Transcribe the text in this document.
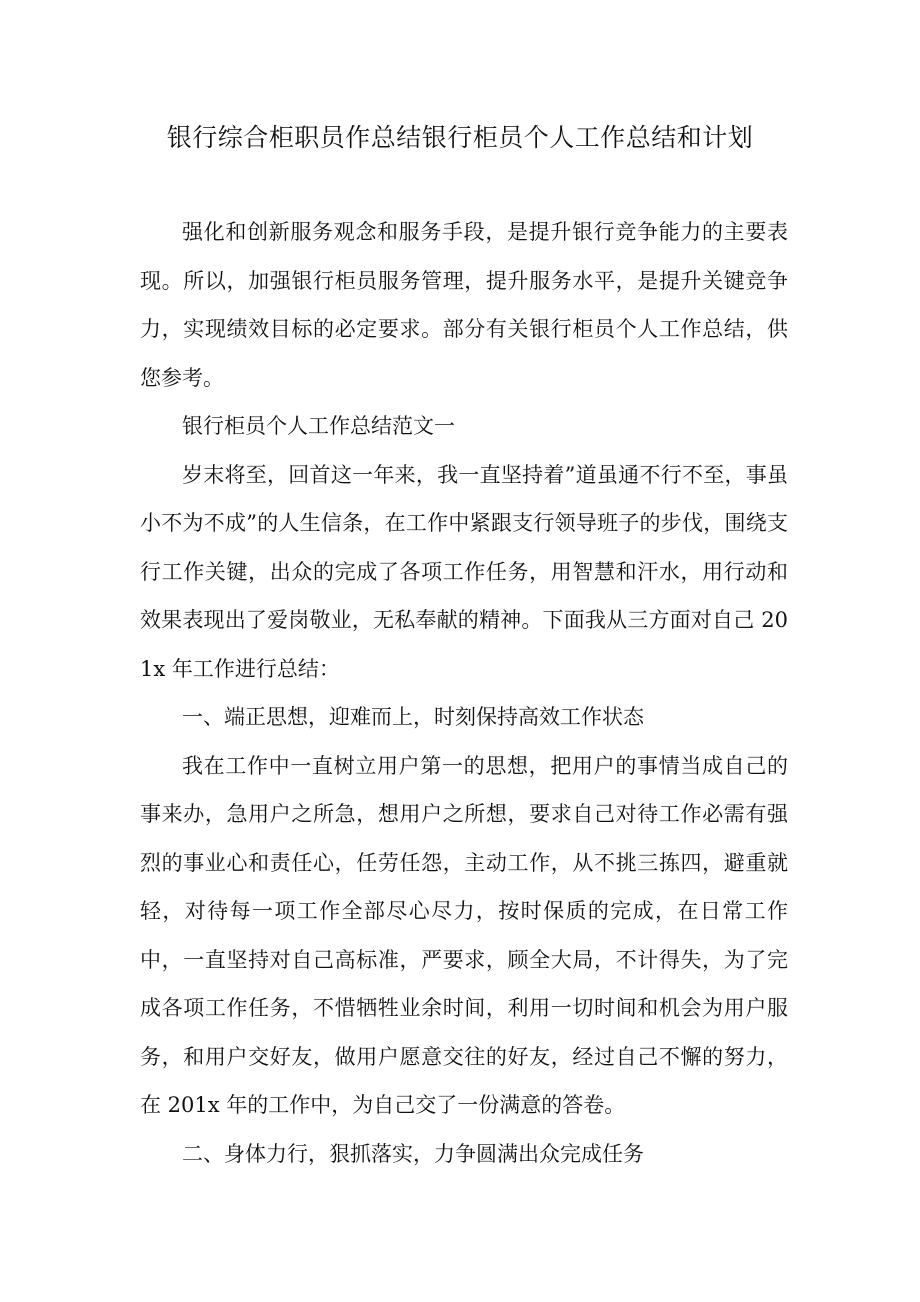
银行综合柜职员作总结银行柜员个人工作总结和计划

强化和创新服务观念和服务手段，是提升银行竞争能力的主要表现。所以，加强银行柜员服务管理，提升服务水平，是提升关键竞争力，实现绩效目标的必定要求。部分有关银行柜员个人工作总结，供您参考。

银行柜员个人工作总结范文一

岁末将至，回首这一年来，我一直坚持着”道虽通不行不至，事虽小不为不成”的人生信条，在工作中紧跟支行领导班子的步伐，围绕支行工作关键，出众的完成了各项工作任务，用智慧和汗水，用行动和效果表现出了爱岗敬业，无私奉献的精神。下面我从三方面对自己 201x 年工作进行总结：

一、端正思想，迎难而上，时刻保持高效工作状态

我在工作中一直树立用户第一的思想，把用户的事情当成自己的事来办，急用户之所急，想用户之所想，要求自己对待工作必需有强烈的事业心和责任心，任劳任怨，主动工作，从不挑三拣四，避重就轻，对待每一项工作全部尽心尽力，按时保质的完成，在日常工作中，一直坚持对自己高标准，严要求，顾全大局，不计得失，为了完成各项工作任务，不惜牺牲业余时间，利用一切时间和机会为用户服务，和用户交好友，做用户愿意交往的好友，经过自己不懈的努力，在 201x 年的工作中，为自己交了一份满意的答卷。

二、身体力行，狠抓落实，力争圆满出众完成任务
